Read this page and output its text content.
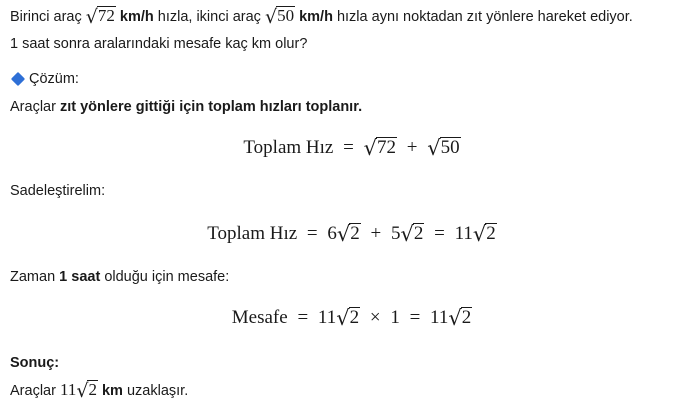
Birinci araç √72 km/h hızla, ikinci araç √50 km/h hızla aynı noktadan zıt yönlere hareket ediyor.

1 saat sonra aralarındaki mesafe kaç km olur?

Çözüm:

Araçlar zıt yönlere gittiği için toplam hızları toplanır.

Toplam Hız = √72 + √50

Sadeleştirelim:

Toplam Hız = 6√2 + 5√2 = 11√2

Zaman 1 saat olduğu için mesafe:

Mesafe = 11√2 × 1 = 11√2

Sonuç:

Araçlar 11√2 km uzaklaşır.
